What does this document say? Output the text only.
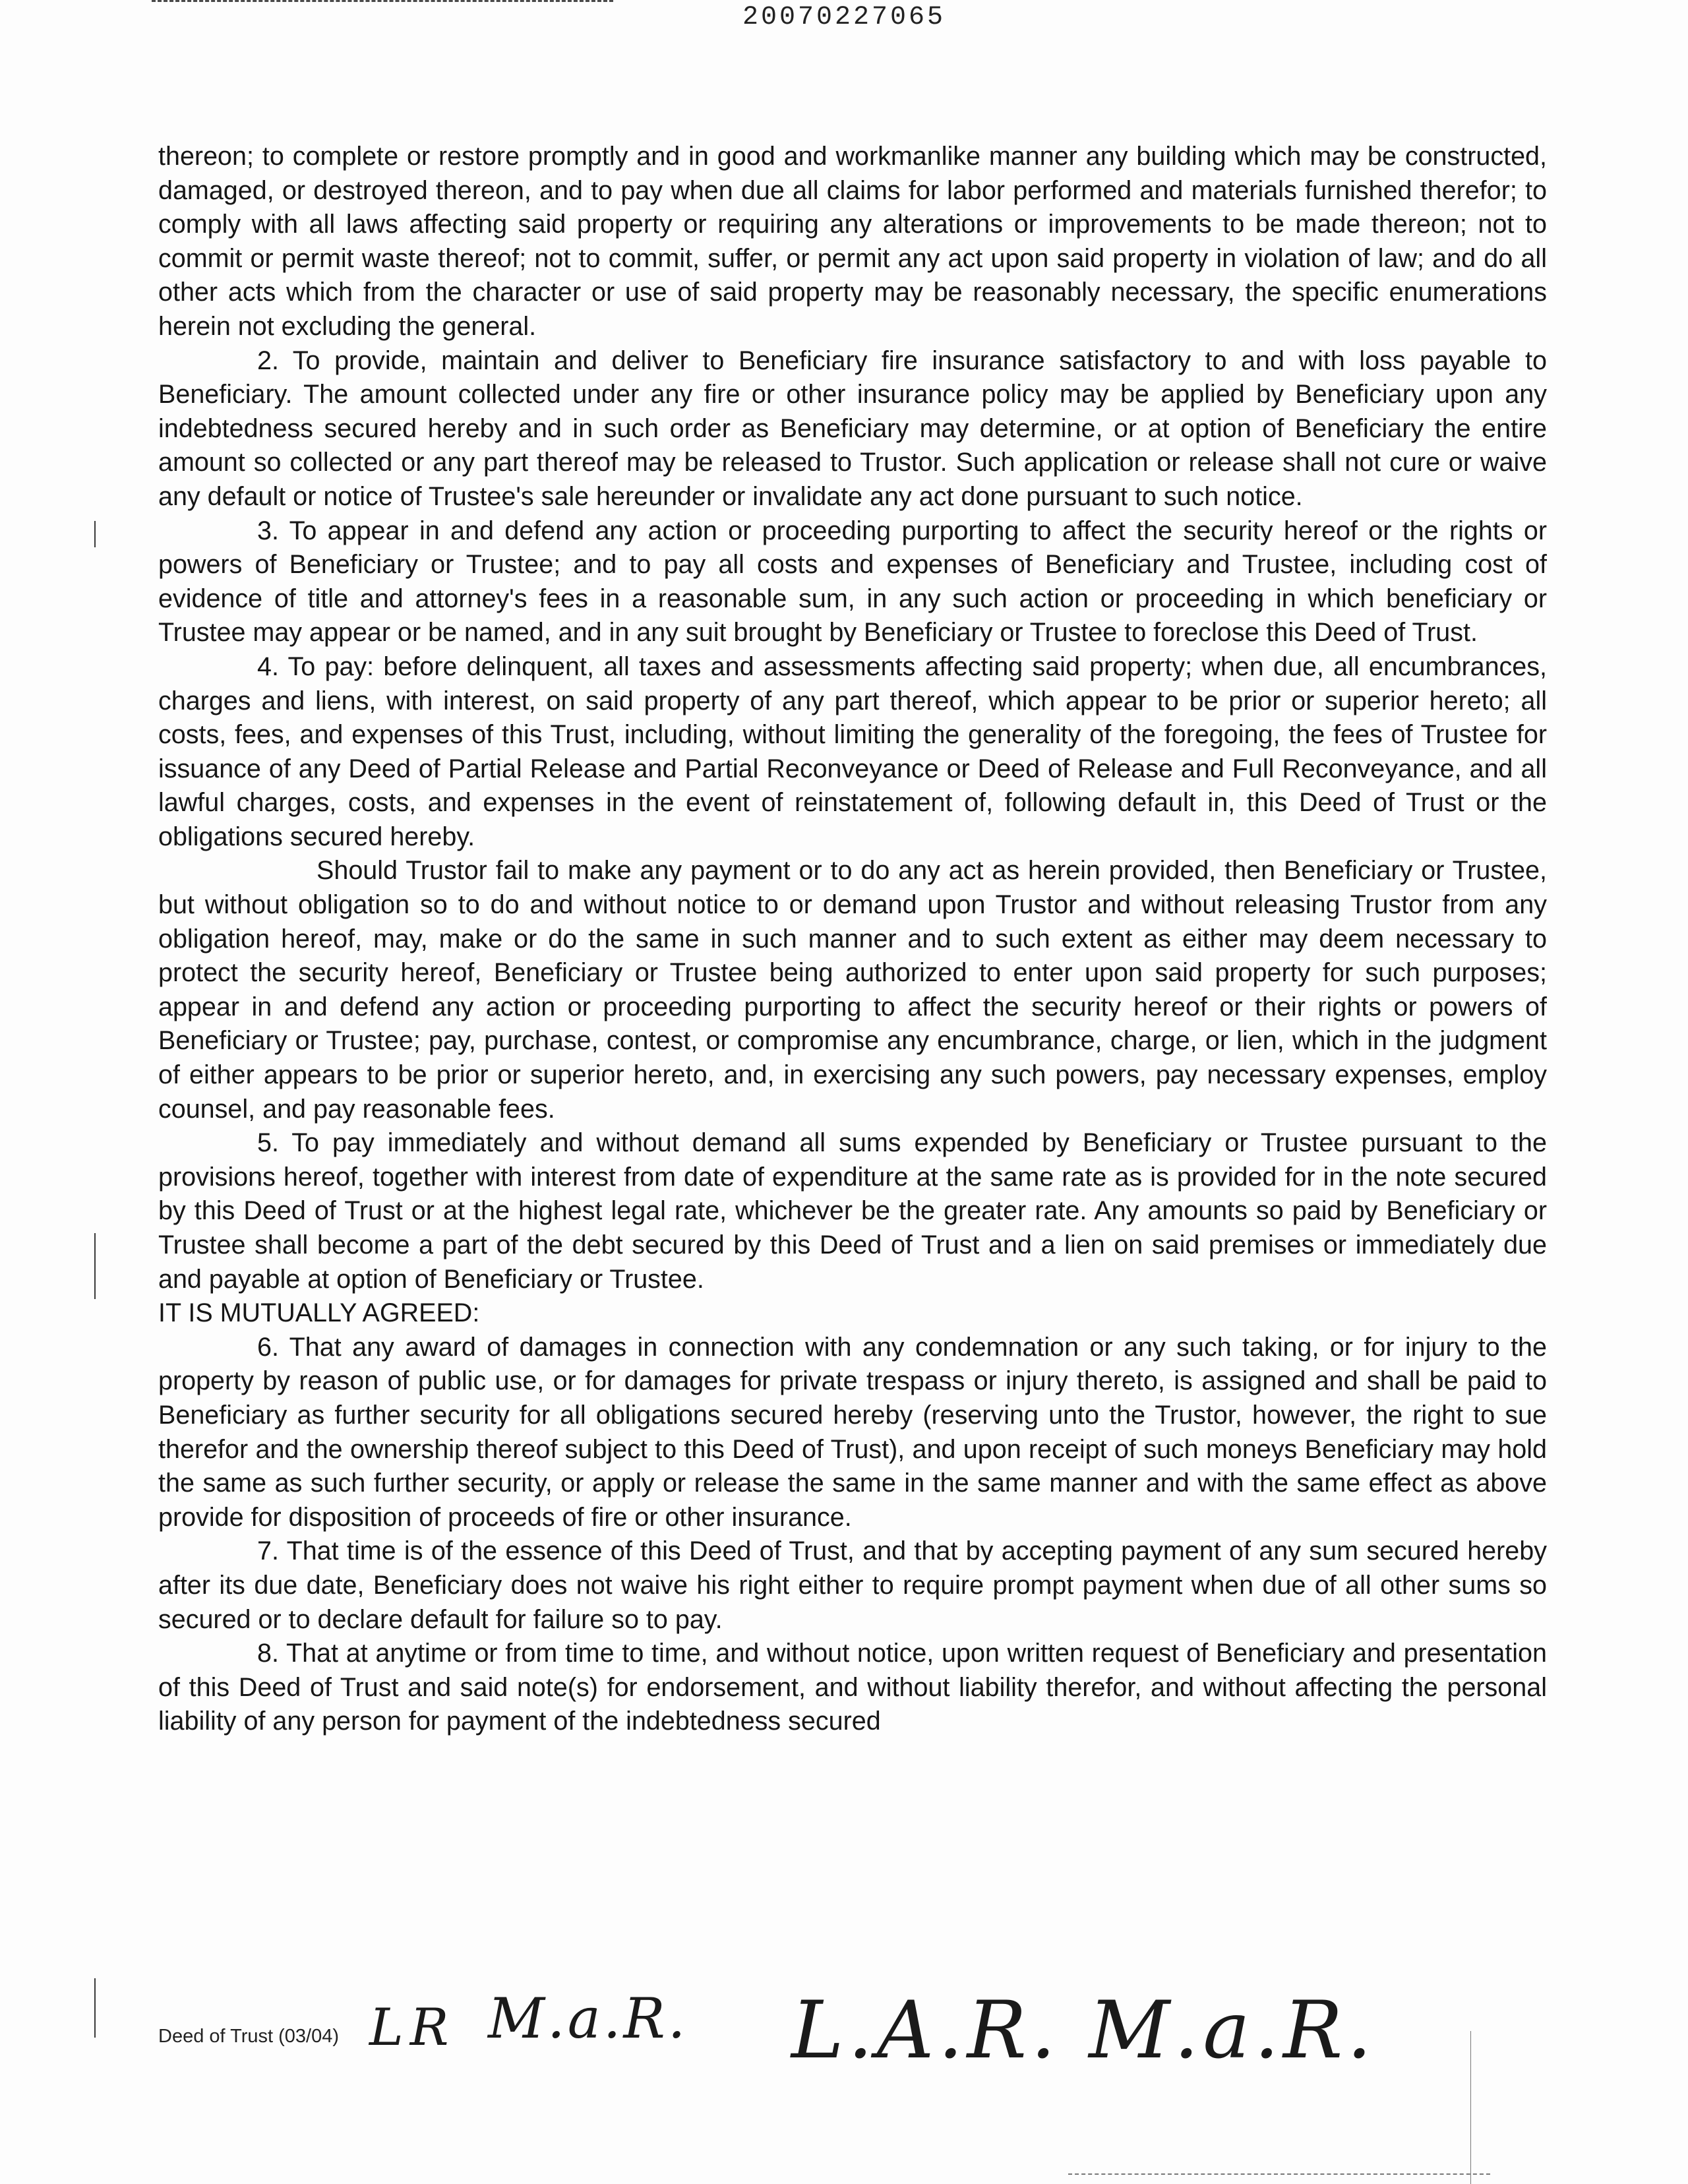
20070227065

thereon; to complete or restore promptly and in good and workmanlike manner any building which may be constructed, damaged, or destroyed thereon, and to pay when due all claims for labor performed and materials furnished therefor; to comply with all laws affecting said property or requiring any alterations or improvements to be made thereon; not to commit or permit waste thereof; not to commit, suffer, or permit any act upon said property in violation of law; and do all other acts which from the character or use of said property may be reasonably necessary, the specific enumerations herein not excluding the general.

2. To provide, maintain and deliver to Beneficiary fire insurance satisfactory to and with loss payable to Beneficiary. The amount collected under any fire or other insurance policy may be applied by Beneficiary upon any indebtedness secured hereby and in such order as Beneficiary may determine, or at option of Beneficiary the entire amount so collected or any part thereof may be released to Trustor. Such application or release shall not cure or waive any default or notice of Trustee's sale hereunder or invalidate any act done pursuant to such notice.

3. To appear in and defend any action or proceeding purporting to affect the security hereof or the rights or powers of Beneficiary or Trustee; and to pay all costs and expenses of Beneficiary and Trustee, including cost of evidence of title and attorney's fees in a reasonable sum, in any such action or proceeding in which beneficiary or Trustee may appear or be named, and in any suit brought by Beneficiary or Trustee to foreclose this Deed of Trust.

4. To pay: before delinquent, all taxes and assessments affecting said property; when due, all encumbrances, charges and liens, with interest, on said property of any part thereof, which appear to be prior or superior hereto; all costs, fees, and expenses of this Trust, including, without limiting the generality of the foregoing, the fees of Trustee for issuance of any Deed of Partial Release and Partial Reconveyance or Deed of Release and Full Reconveyance, and all lawful charges, costs, and expenses in the event of reinstatement of, following default in, this Deed of Trust or the obligations secured hereby.

Should Trustor fail to make any payment or to do any act as herein provided, then Beneficiary or Trustee, but without obligation so to do and without notice to or demand upon Trustor and without releasing Trustor from any obligation hereof, may, make or do the same in such manner and to such extent as either may deem necessary to protect the security hereof, Beneficiary or Trustee being authorized to enter upon said property for such purposes; appear in and defend any action or proceeding purporting to affect the security hereof or their rights or powers of Beneficiary or Trustee; pay, purchase, contest, or compromise any encumbrance, charge, or lien, which in the judgment of either appears to be prior or superior hereto, and, in exercising any such powers, pay necessary expenses, employ counsel, and pay reasonable fees.

5. To pay immediately and without demand all sums expended by Beneficiary or Trustee pursuant to the provisions hereof, together with interest from date of expenditure at the same rate as is provided for in the note secured by this Deed of Trust or at the highest legal rate, whichever be the greater rate. Any amounts so paid by Beneficiary or Trustee shall become a part of the debt secured by this Deed of Trust and a lien on said premises or immediately due and payable at option of Beneficiary or Trustee.

IT IS MUTUALLY AGREED:

6. That any award of damages in connection with any condemnation or any such taking, or for injury to the property by reason of public use, or for damages for private trespass or injury thereto, is assigned and shall be paid to Beneficiary as further security for all obligations secured hereby (reserving unto the Trustor, however, the right to sue therefor and the ownership thereof subject to this Deed of Trust), and upon receipt of such moneys Beneficiary may hold the same as such further security, or apply or release the same in the same manner and with the same effect as above provide for disposition of proceeds of fire or other insurance.

7. That time is of the essence of this Deed of Trust, and that by accepting payment of any sum secured hereby after its due date, Beneficiary does not waive his right either to require prompt payment when due of all other sums so secured or to declare default for failure so to pay.

8. That at anytime or from time to time, and without notice, upon written request of Beneficiary and presentation of this Deed of Trust and said note(s) for endorsement, and without liability therefor, and without affecting the personal liability of any person for payment of the indebtedness secured

Deed of Trust (03/04) LR M.a.R. L.A.R. M.a.R.
